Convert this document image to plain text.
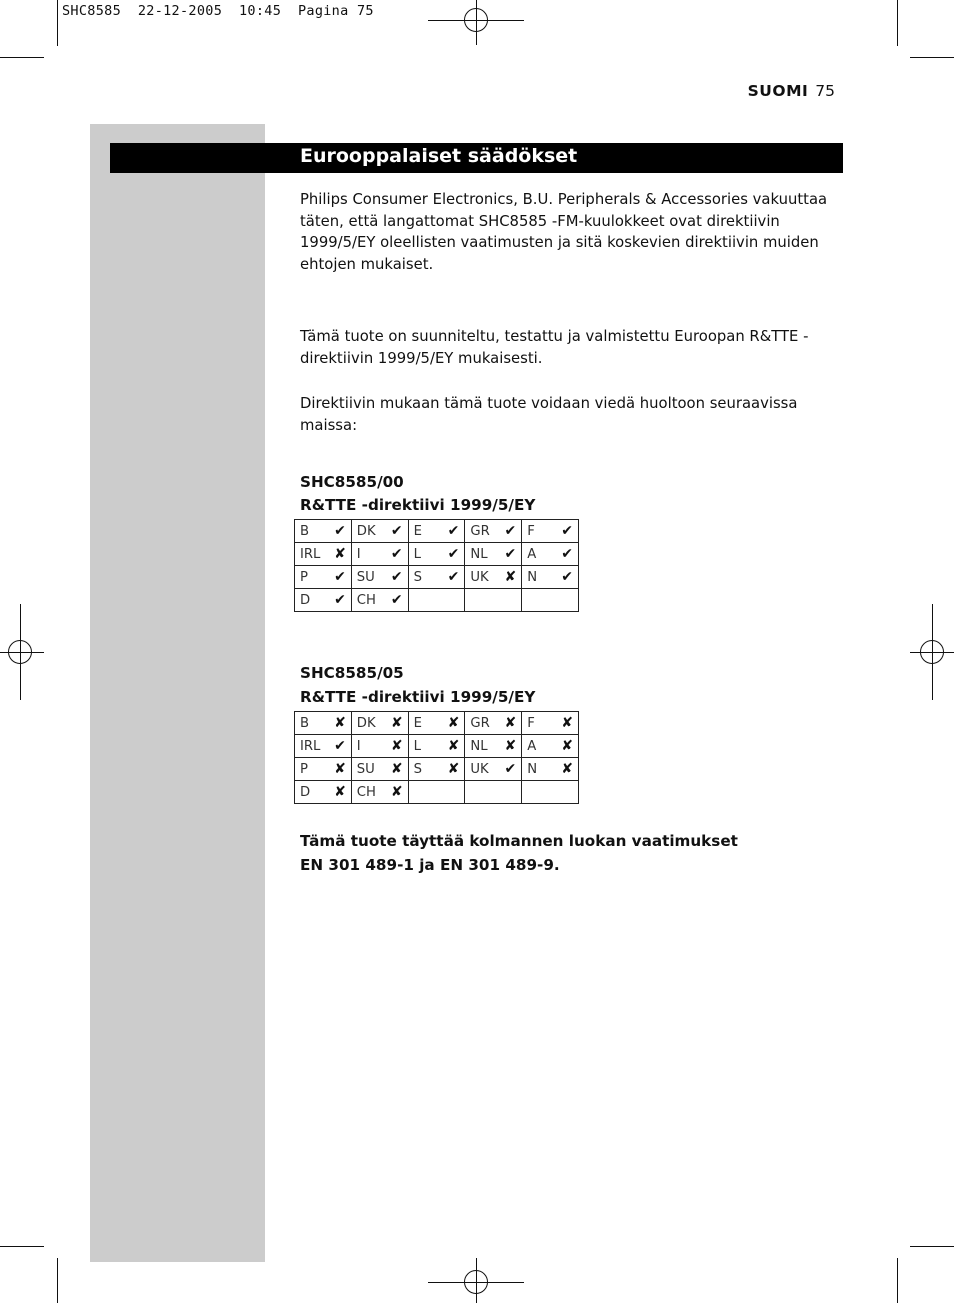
SHC8585  22-12-2005  10:45  Pagina 75
SUOMI 75
Eurooppalaiset säädökset

Philips Consumer Electronics, B.U. Peripherals & Accessories vakuuttaa täten, että langattomat SHC8585 -FM-kuulokkeet ovat direktiivin 1999/5/EY oleellisten vaatimusten ja sitä koskevien direktiivin muiden ehtojen mukaiset.

Tämä tuote on suunniteltu, testattu ja valmistettu Euroopan R&TTE -direktiivin 1999/5/EY mukaisesti.

Direktiivin mukaan tämä tuote voidaan viedä huoltoon seuraavissa maissa:

SHC8585/00
R&TTE -direktiivi 1999/5/EY
B ✔	DK ✔	E ✔	GR ✔	F ✔

IRL ✘	I ✔	L ✔	NL ✔	A ✔

P ✔	SU ✔	S ✔	UK ✘	N ✔

D ✔	CH ✔			

SHC8585/05
R&TTE -direktiivi 1999/5/EY
B ✘	DK ✘	E ✘	GR ✘	F ✘

IRL ✔	I ✘	L ✘	NL ✘	A ✘

P ✘	SU ✘	S ✘	UK ✔	N ✘

D ✘	CH ✘			

Tämä tuote täyttää kolmannen luokan vaatimukset
EN 301 489-1 ja EN 301 489-9.
